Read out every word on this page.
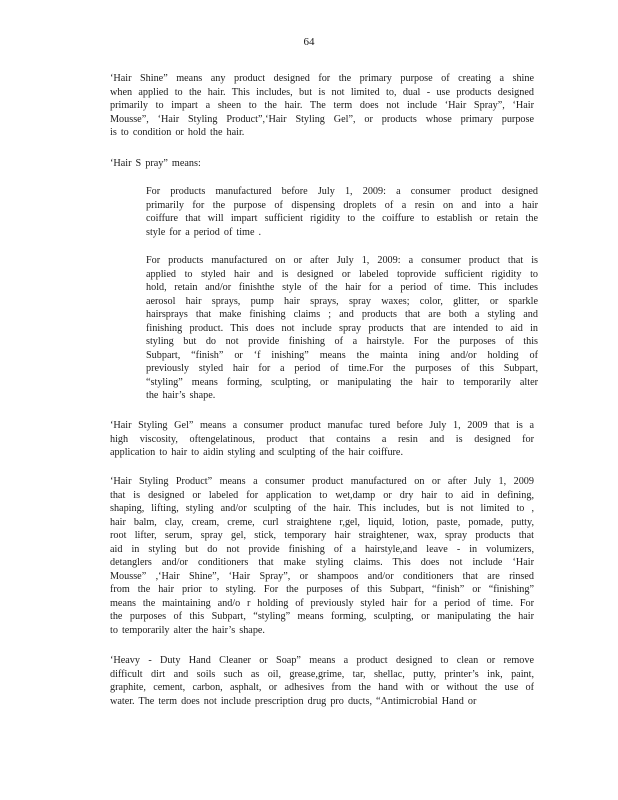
64
‘Hair Shine” means any product designed for the primary purpose of creating a shine
when applied to the hair. This includes, but is not limited to, dual - use products designed
primarily to impart a sheen to the hair. The term does not include ‘Hair Spray”, ‘Hair
Mousse”, ‘Hair Styling Product”,‘Hair Styling Gel”, or products whose primary purpose
is to condition or hold the hair.
‘Hair S pray” means:
For products manufactured before July 1, 2009: a consumer product designed
primarily for the purpose of dispensing droplets of a resin on and into a hair
coiffure that will impart sufficient rigidity to the coiffure to establish or retain the
style for a period of time .
For products manufactured on or after July 1, 2009: a consumer product that is
applied to styled hair and is designed or labeled toprovide sufficient rigidity to
hold, retain and/or finishthe style of the hair for a period of time. This includes
aerosol hair sprays, pump hair sprays, spray waxes; color, glitter, or sparkle
hairsprays that make finishing claims ; and products that are both a styling and
finishing product. This does not include spray products that are intended to aid in
styling but do not provide finishing of a hairstyle. For the purposes of this
Subpart, “finish” or ‘f inishing” means the mainta ining and/or holding of
previously styled hair for a period of time.For the purposes of this Subpart,
“styling” means forming, sculpting, or manipulating the hair to temporarily alter
the hair’s shape.
‘Hair Styling Gel” means a consumer product manufac tured before July 1, 2009 that is a
high viscosity, oftengelatinous, product that contains a resin and is designed for
application to hair to aidin styling and sculpting of the hair coiffure.
‘Hair Styling Product” means a consumer product manufactured on or after July 1, 2009
that is designed or labeled for application to wet,damp or dry hair to aid in defining,
shaping, lifting, styling and/or sculpting of the hair. This includes, but is not limited to ,
hair balm, clay, cream, creme, curl straightene r,gel, liquid, lotion, paste, pomade, putty,
root lifter, serum, spray gel, stick, temporary hair straightener, wax, spray products that
aid in styling but do not provide finishing of a hairstyle,and leave - in volumizers,
detanglers and/or conditioners that make styling claims. This does not include ‘Hair
Mousse” ,‘Hair Shine”, ‘Hair Spray”, or shampoos and/or conditioners that are rinsed
from the hair prior to styling. For the purposes of this Subpart, “finish” or “finishing”
means the maintaining and/o r holding of previously styled hair for a period of time. For
the purposes of this Subpart, “styling” means forming, sculpting, or manipulating the hair
to temporarily alter the hair’s shape.
‘Heavy - Duty Hand Cleaner or Soap” means a product designed to clean or remove
difficult dirt and soils such as oil, grease,grime, tar, shellac, putty, printer’s ink, paint,
graphite, cement, carbon, asphalt, or adhesives from the hand with or without the use of
water. The term does not include prescription drug pro ducts, “Antimicrobial Hand or
